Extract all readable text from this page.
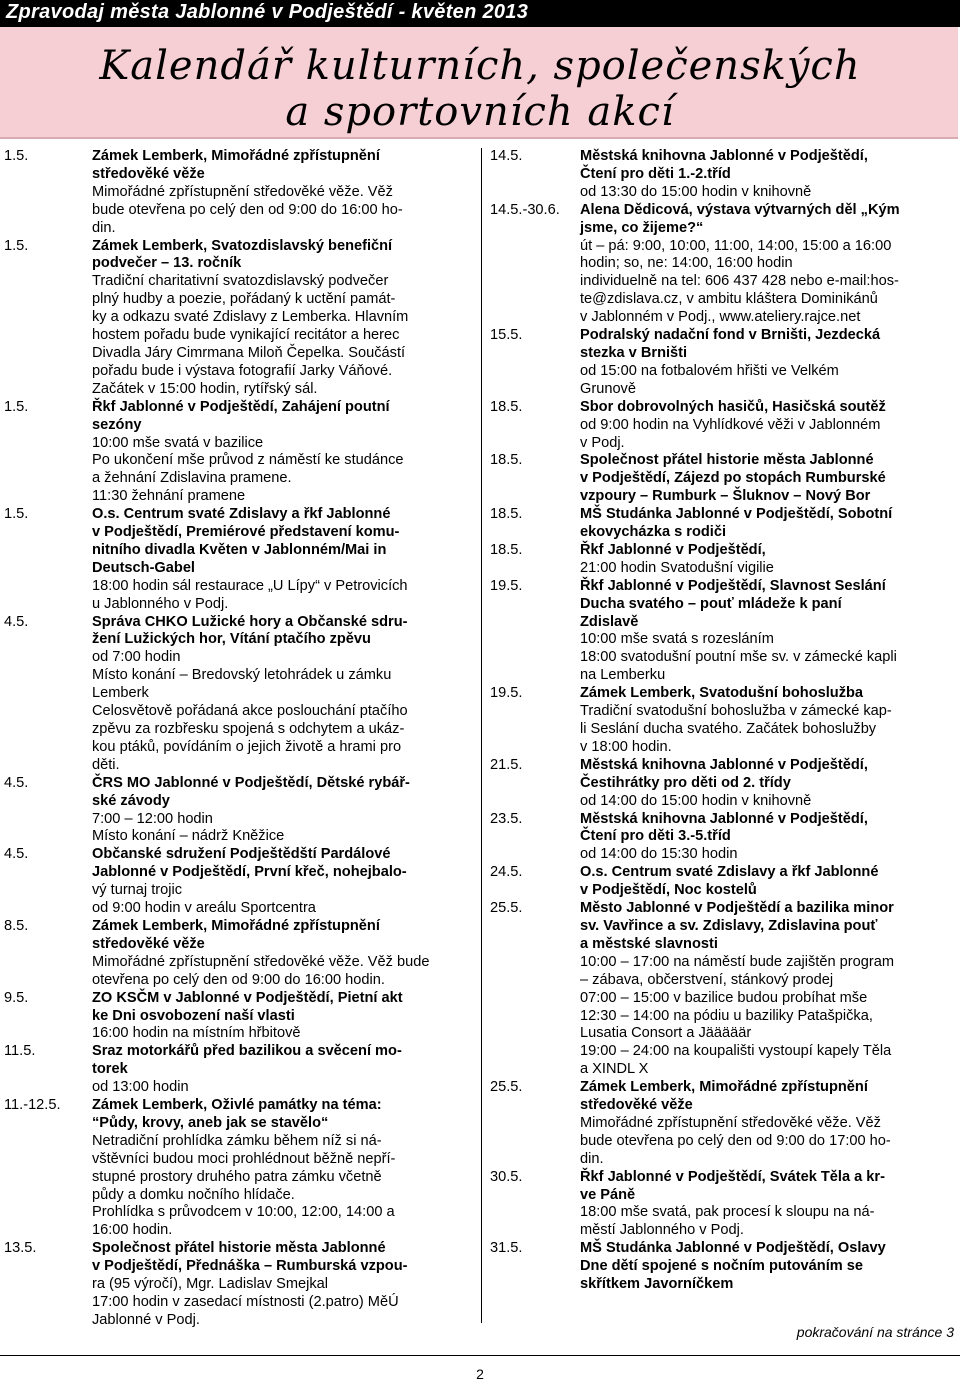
Zpravodaj města Jablonné v Podještědí - květen 2013
Kalendář kulturních, společenských
a sportovních akcí
1.5.	Zámek Lemberk, Mimořádné zpřístupnění
středověké věže
Mimořádné zpřístupnění středověké věže. Věž
bude otevřena po celý den od 9:00 do 16:00 ho-
din.
1.5.	Zámek Lemberk, Svatozdislavský benefiční
podvečer – 13. ročník
Tradiční charitativní svatozdislavský podvečer
plný hudby a poezie, pořádaný k uctění památ-
ky a odkazu svaté Zdislavy z Lemberka. Hlavním
hostem pořadu bude vynikající recitátor a herec
Divadla Járy Cimrmana Miloň Čepelka. Součástí
pořadu bude i výstava fotografií Jarky Váňové.
Začátek v 15:00 hodin, rytířský sál.
1.5.	Řkf Jablonné v Podještědí, Zahájení poutní
sezóny
10:00 mše svatá v bazilice
Po ukončení mše průvod z náměstí ke studánce
a žehnání Zdislavina pramene.
11:30 žehnání pramene
1.5.	O.s. Centrum svaté Zdislavy a řkf Jablonné
v Podještědí, Premiérové představení komu-
nitního divadla Květen v Jablonném/Mai in
Deutsch-Gabel
18:00 hodin sál restaurace „U Lípy“ v Petrovicích
u Jablonného v Podj.
4.5.	Správa CHKO Lužické hory a Občanské sdru-
žení Lužických hor, Vítání ptačího zpěvu
od 7:00 hodin
Místo konání – Bredovský letohrádek u zámku
Lemberk
Celosvětově pořádaná akce poslouchání ptačího
zpěvu za rozbřesku spojená s odchytem a ukáz-
kou ptáků, povídáním o jejich životě a hrami pro
děti.
4.5.	ČRS MO Jablonné v Podještědí, Dětské rybář-
ské závody
7:00 – 12:00 hodin
Místo konání – nádrž Kněžice
4.5.	Občanské sdružení Podještědští Pardálové
Jablonné v Podještědí, První křeč, nohejbalo-
vý turnaj trojic
od 9:00 hodin v areálu Sportcentra
8.5.	Zámek Lemberk, Mimořádné zpřístupnění
středověké věže
Mimořádné zpřístupnění středověké věže. Věž bude
otevřena po celý den od 9:00 do 16:00 hodin.
9.5.	ZO KSČM v Jablonné v Podještědí, Pietní akt
ke Dni osvobození naší vlasti
16:00 hodin na místním hřbitově
11.5.	Sraz motorkářů před bazilikou a svěcení mo-
torek
od 13:00 hodin
11.-12.5.	Zámek Lemberk, Oživlé památky na téma:
“Půdy, krovy, aneb jak se stavělo“
Netradiční prohlídka zámku během níž si ná-
vštěvníci budou moci prohlédnout běžně nepří-
stupné prostory druhého patra zámku včetně
půdy a domku nočního hlídače.
Prohlídka s průvodcem v 10:00, 12:00, 14:00 a
16:00 hodin.
13.5.	Společnost přátel historie města Jablonné
v Podještědí, Přednáška – Rumburská vzpou-
ra (95 výročí), Mgr. Ladislav Smejkal
17:00 hodin v zasedací místnosti (2.patro) MěÚ
Jablonné v Podj.
14.5.	Městská knihovna Jablonné v Podještědí,
Čtení pro děti 1.-2.tříd
od 13:30 do 15:00 hodin v knihovně
14.5.-30.6.	Alena Dědicová, výstava výtvarných děl „Kým
jsme, co žijeme?“
út – pá: 9:00, 10:00, 11:00, 14:00, 15:00 a 16:00
hodin; so, ne: 14:00, 16:00 hodin
individuelně na tel: 606 437 428 nebo e-mail:hos-
te@zdislava.cz, v ambitu kláštera Dominikánů
v Jablonném v Podj., www.ateliery.rajce.net
15.5.	Podralský nadační fond v Brništi, Jezdecká
stezka v Brništi
od 15:00 na fotbalovém hřišti ve Velkém
Grunově
18.5.	Sbor dobrovolných hasičů, Hasičská soutěž
od 9:00 hodin na Vyhlídkové věži v Jablonném
v Podj.
18.5.	Společnost přátel historie města Jablonné
v Podještědí, Zájezd po stopách Rumburské
vzpoury – Rumburk – Šluknov – Nový Bor
18.5.	MŠ Studánka Jablonné v Podještědí, Sobotní
ekovycházka s rodiči
18.5.	Řkf Jablonné v Podještědí,
21:00 hodin Svatodušní vigilie
19.5.	Řkf Jablonné v Podještědí, Slavnost Seslání
Ducha svatého – pouť mládeže k paní
Zdislavě
10:00 mše svatá s rozesláním
18:00 svatodušní poutní mše sv. v zámecké kapli
na Lemberku
19.5.	Zámek Lemberk, Svatodušní bohoslužba
Tradiční svatodušní bohoslužba v zámecké kap-
li Seslání ducha svatého. Začátek bohoslužby
v 18:00 hodin.
21.5.	Městská knihovna Jablonné v Podještědí,
Čestihrátky pro děti od 2. třídy
od 14:00 do 15:00 hodin v knihovně
23.5.	Městská knihovna Jablonné v Podještědí,
Čtení pro děti 3.-5.tříd
od 14:00 do 15:30 hodin
24.5.	O.s. Centrum svaté Zdislavy a řkf Jablonné
v Podještědí, Noc kostelů
25.5.	Město Jablonné v Podještědí a bazilika minor
sv. Vavřince a sv. Zdislavy, Zdislavina pouť
a městské slavnosti
10:00 – 17:00 na náměstí bude zajištěn program
– zábava, občerstvení, stánkový prodej
07:00 – 15:00 v bazilice budou probíhat mše
12:30 – 14:00 na pódiu u baziliky Patašpička,
Lusatia Consort a Jääääär
19:00 – 24:00 na koupališti vystoupí kapely Těla
a XINDL X
25.5.	Zámek Lemberk, Mimořádné zpřístupnění
středověké věže
Mimořádné zpřístupnění středověké věže. Věž
bude otevřena po celý den od 9:00 do 17:00 ho-
din.
30.5.	Řkf Jablonné v Podještědí, Svátek Těla a kr-
ve Páně
18:00 mše svatá, pak procesí k sloupu na ná-
městí Jablonného v Podj.
31.5.	MŠ Studánka Jablonné v Podještědí, Oslavy
Dne dětí spojené s nočním putováním se
skřítkem Javorníčkem
pokračování na stránce 3
2
